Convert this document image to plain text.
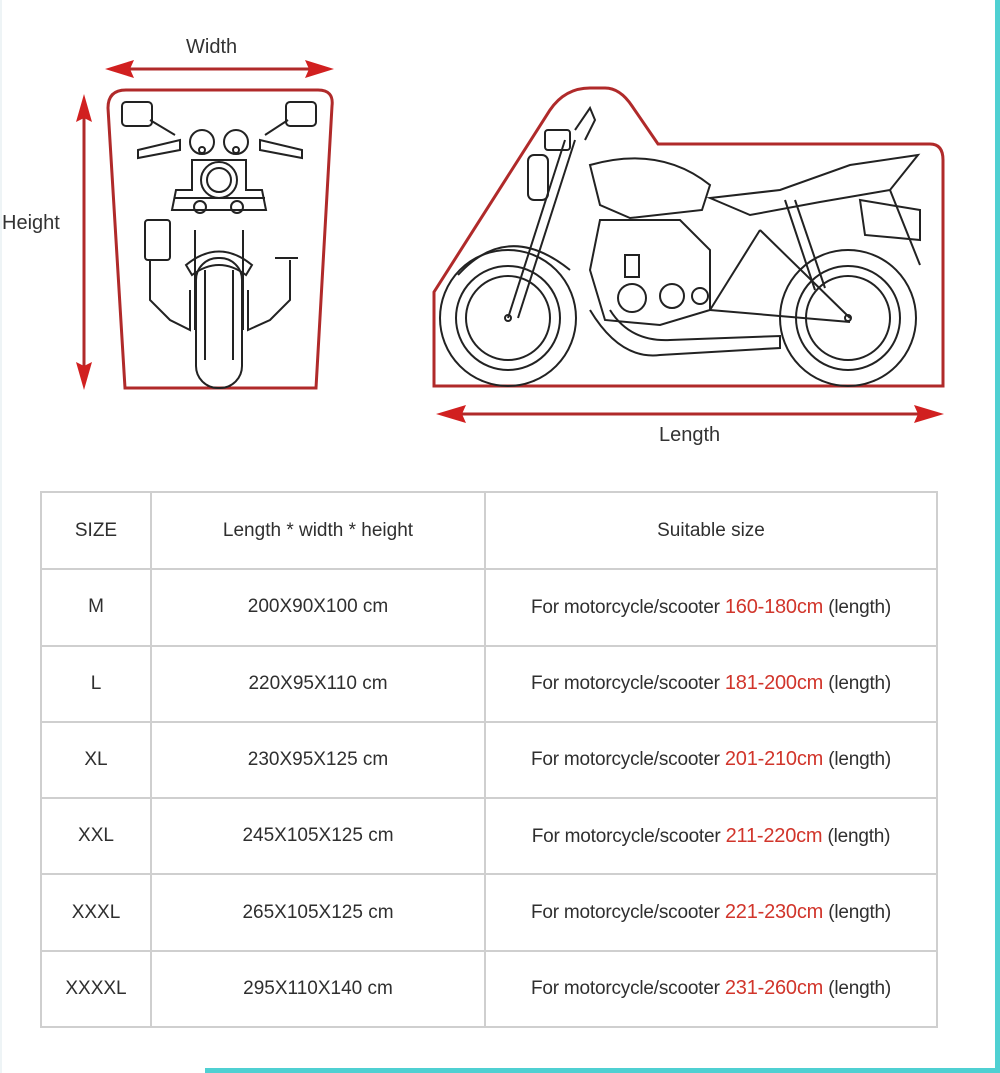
Width
Height
Length
SIZE	Length * width * height	Suitable size
M	200X90X100 cm	For motorcycle/scooter 160-180cm (length)
L	220X95X110 cm	For motorcycle/scooter 181-200cm (length)
XL	230X95X125 cm	For motorcycle/scooter 201-210cm (length)
XXL	245X105X125 cm	For motorcycle/scooter 211-220cm (length)
XXXL	265X105X125 cm	For motorcycle/scooter 221-230cm (length)
XXXXL	295X110X140 cm	For motorcycle/scooter 231-260cm (length)
